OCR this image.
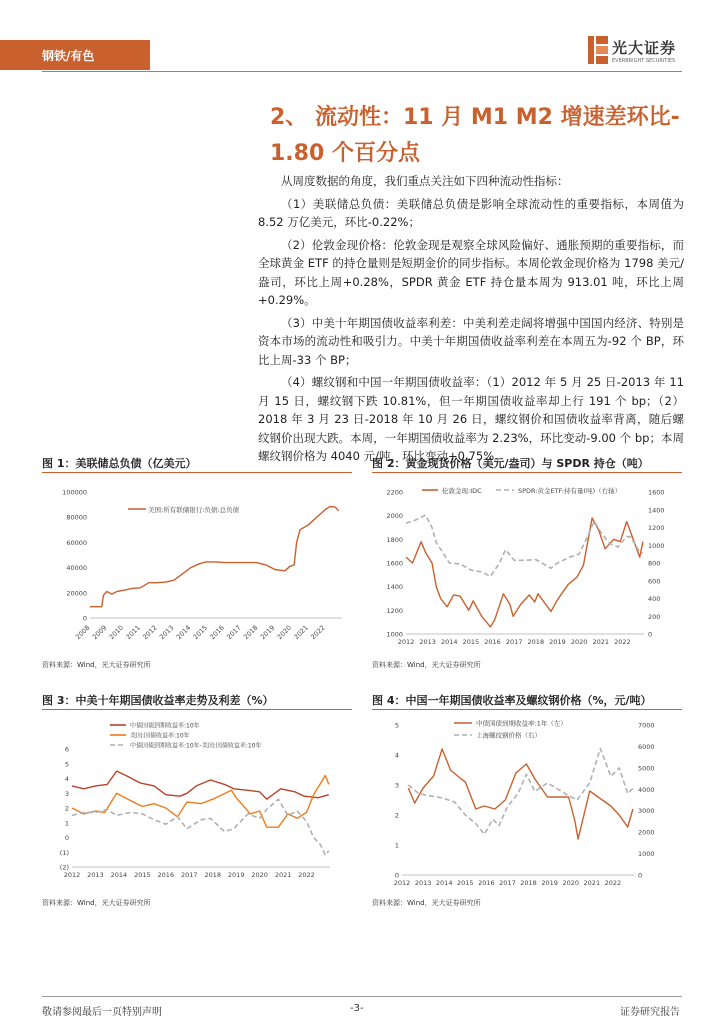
钢铁/有色	光大证券
EVERBRIGHT SECURITIES
2、 流动性：11 月 M1 M2 增速差环比-
1.80 个百分点

从周度数据的角度，我们重点关注如下四种流动性指标：

（1）美联储总负债：美联储总负债是影响全球流动性的重要指标，本周值为 8.52 万亿美元，环比-0.22%；

（2）伦敦金现价格：伦敦金现是观察全球风险偏好、通胀预期的重要指标，而全球黄金 ETF 的持仓量则是短期金价的同步指标。本周伦敦金现价格为 1798 美元/盎司，环比上周+0.28%，SPDR 黄金 ETF 持仓量本周为 913.01 吨，环比上周+0.29%。

（3）中美十年期国债收益率利差：中美利差走阔将增强中国国内经济、特别是资本市场的流动性和吸引力。中美十年期国债收益率利差在本周五为-92 个 BP，环比上周-33 个 BP；

（4）螺纹钢和中国一年期国债收益率：（1）2012 年 5 月 25 日-2013 年 11 月 15 日，螺纹钢下跌 10.81%，但一年期国债收益率却上行 191 个 bp；（2）2018 年 3 月 23 日-2018 年 10 月 26 日，螺纹钢价和国债收益率背离，随后螺纹钢价出现大跌。本周，一年期国债收益率为 2.23%，环比变动-9.00 个 bp；本周螺纹钢价格为 4040 元/吨，环比变动+0.75%。

图 1：美联储总负债（亿美元）
0
20000
40000
60000
80000
100000
2008 2009 2010 2011 2012 2013 2014 2015 2016 2017 2018 2019 2020 2021 2022
美国:所有联储银行:负债:总负债
资料来源：Wind，光大证券研究所
图 2：黄金现货价格（美元/盎司）与 SPDR 持仓（吨）
1000
1200
1400
1600
1800
2000
2200
0
200
400
600
800
1000
1200
1400
1600
2012 2013 2014 2015 2016 2017 2018 2019 2020 2021 2022
伦敦金现:IDC	SPDR:黄金ETF:持有量(吨)（右轴）
资料来源：Wind，光大证券研究所
图 3：中美十年期国债收益率走势及利差（%）
(2)
(1)
0
1
2
3
4
5
6
2012 2013 2014 2015 2016 2017 2018 2019 2020 2021 2022
中债国债到期收益率:10年
美国:国债收益率:10年
中债国债到期收益率:10年-美国:国债收益率:10年
资料来源：Wind，光大证券研究所
图 4：中国一年期国债收益率及螺纹钢价格（%，元/吨）
0
1
2
3
4
5
0
1000
2000
3000
4000
5000
6000
7000
2012 2013 2014 2015 2016 2017 2018 2019 2020 2021 2022
中债国债到期收益率:1年（左）
上海螺纹钢价格（右）
资料来源：Wind，光大证券研究所
敬请参阅最后一页特别声明	-3-	证券研究报告
